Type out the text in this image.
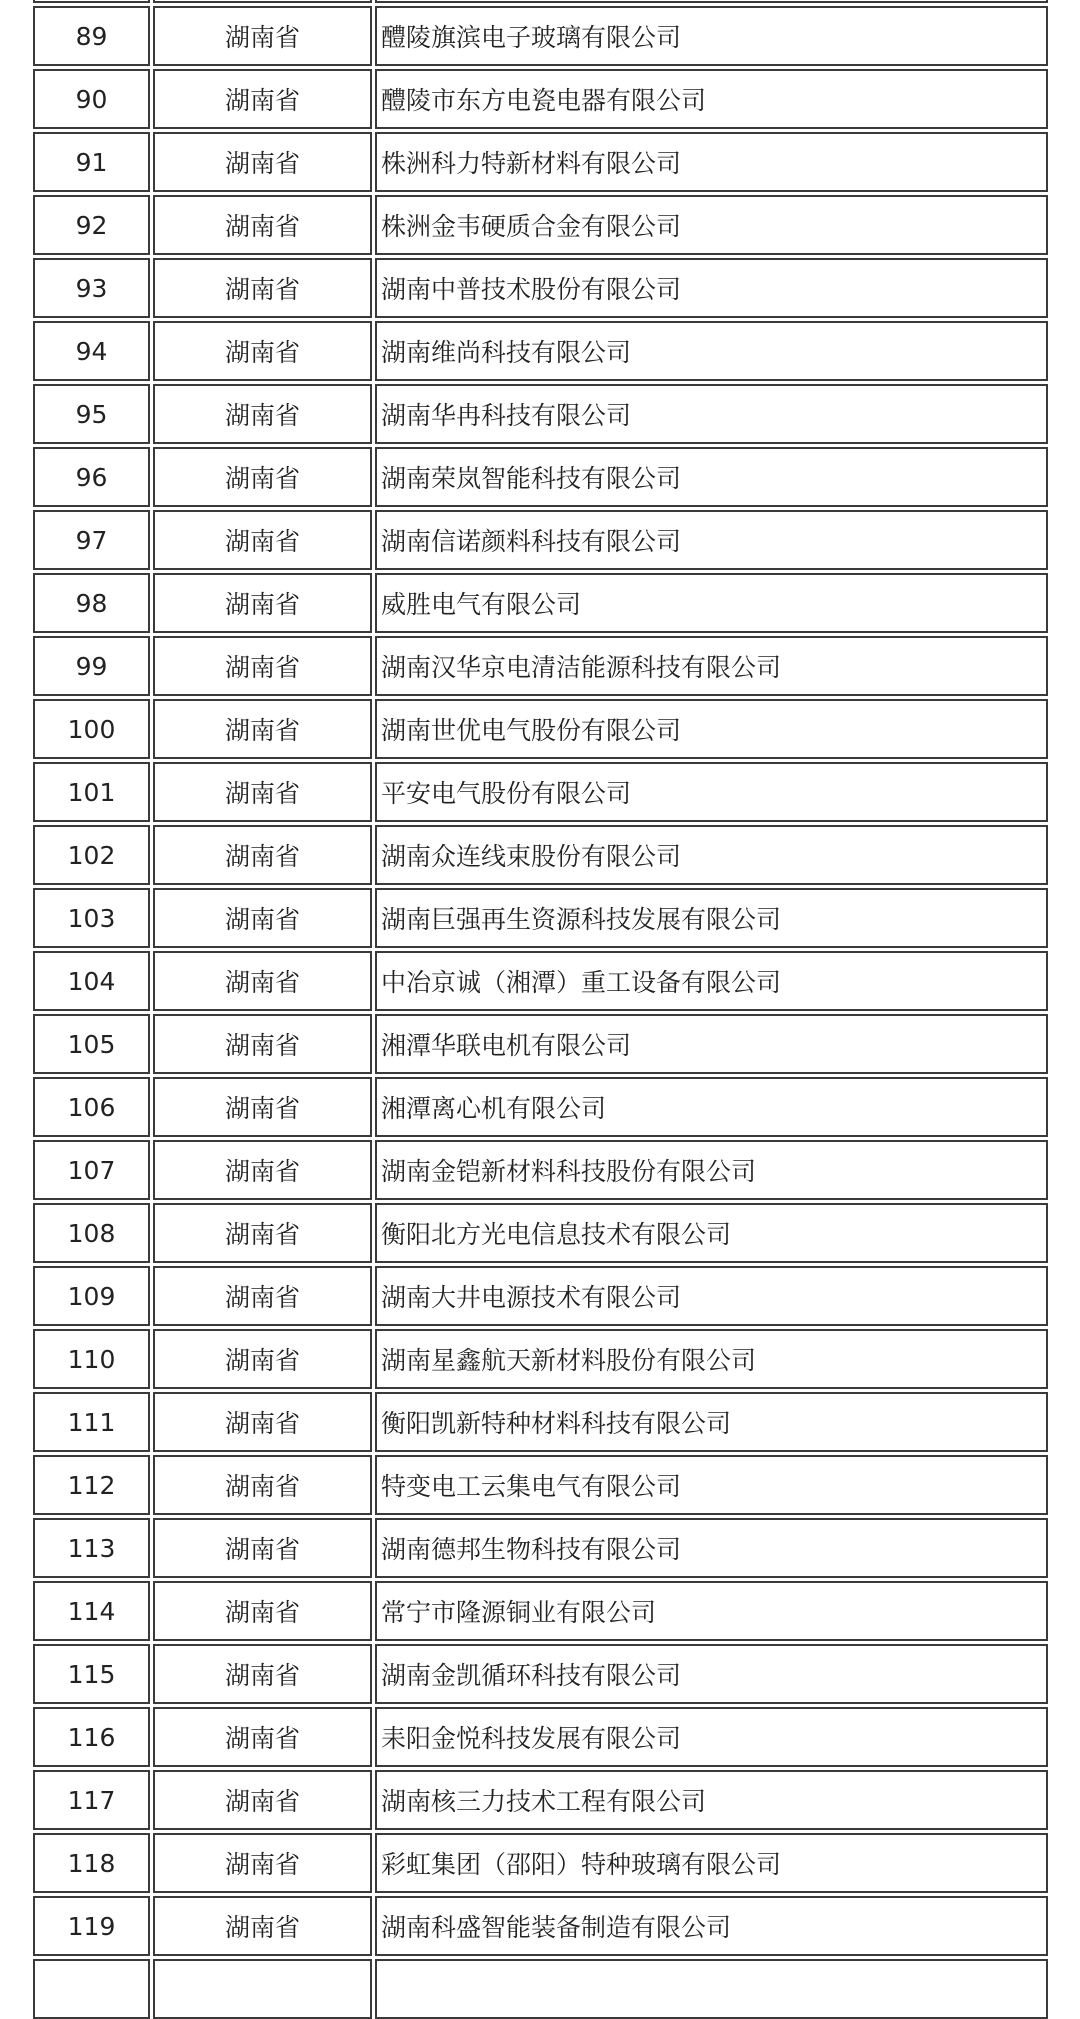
89	湖南省	醴陵旗滨电子玻璃有限公司
90	湖南省	醴陵市东方电瓷电器有限公司
91	湖南省	株洲科力特新材料有限公司
92	湖南省	株洲金韦硬质合金有限公司
93	湖南省	湖南中普技术股份有限公司
94	湖南省	湖南维尚科技有限公司
95	湖南省	湖南华冉科技有限公司
96	湖南省	湖南荣岚智能科技有限公司
97	湖南省	湖南信诺颜料科技有限公司
98	湖南省	威胜电气有限公司
99	湖南省	湖南汉华京电清洁能源科技有限公司
100	湖南省	湖南世优电气股份有限公司
101	湖南省	平安电气股份有限公司
102	湖南省	湖南众连线束股份有限公司
103	湖南省	湖南巨强再生资源科技发展有限公司
104	湖南省	中冶京诚（湘潭）重工设备有限公司
105	湖南省	湘潭华联电机有限公司
106	湖南省	湘潭离心机有限公司
107	湖南省	湖南金铠新材料科技股份有限公司
108	湖南省	衡阳北方光电信息技术有限公司
109	湖南省	湖南大井电源技术有限公司
110	湖南省	湖南星鑫航天新材料股份有限公司
111	湖南省	衡阳凯新特种材料科技有限公司
112	湖南省	特变电工云集电气有限公司
113	湖南省	湖南德邦生物科技有限公司
114	湖南省	常宁市隆源铜业有限公司
115	湖南省	湖南金凯循环科技有限公司
116	湖南省	耒阳金悦科技发展有限公司
117	湖南省	湖南核三力技术工程有限公司
118	湖南省	彩虹集团（邵阳）特种玻璃有限公司
119	湖南省	湖南科盛智能装备制造有限公司
